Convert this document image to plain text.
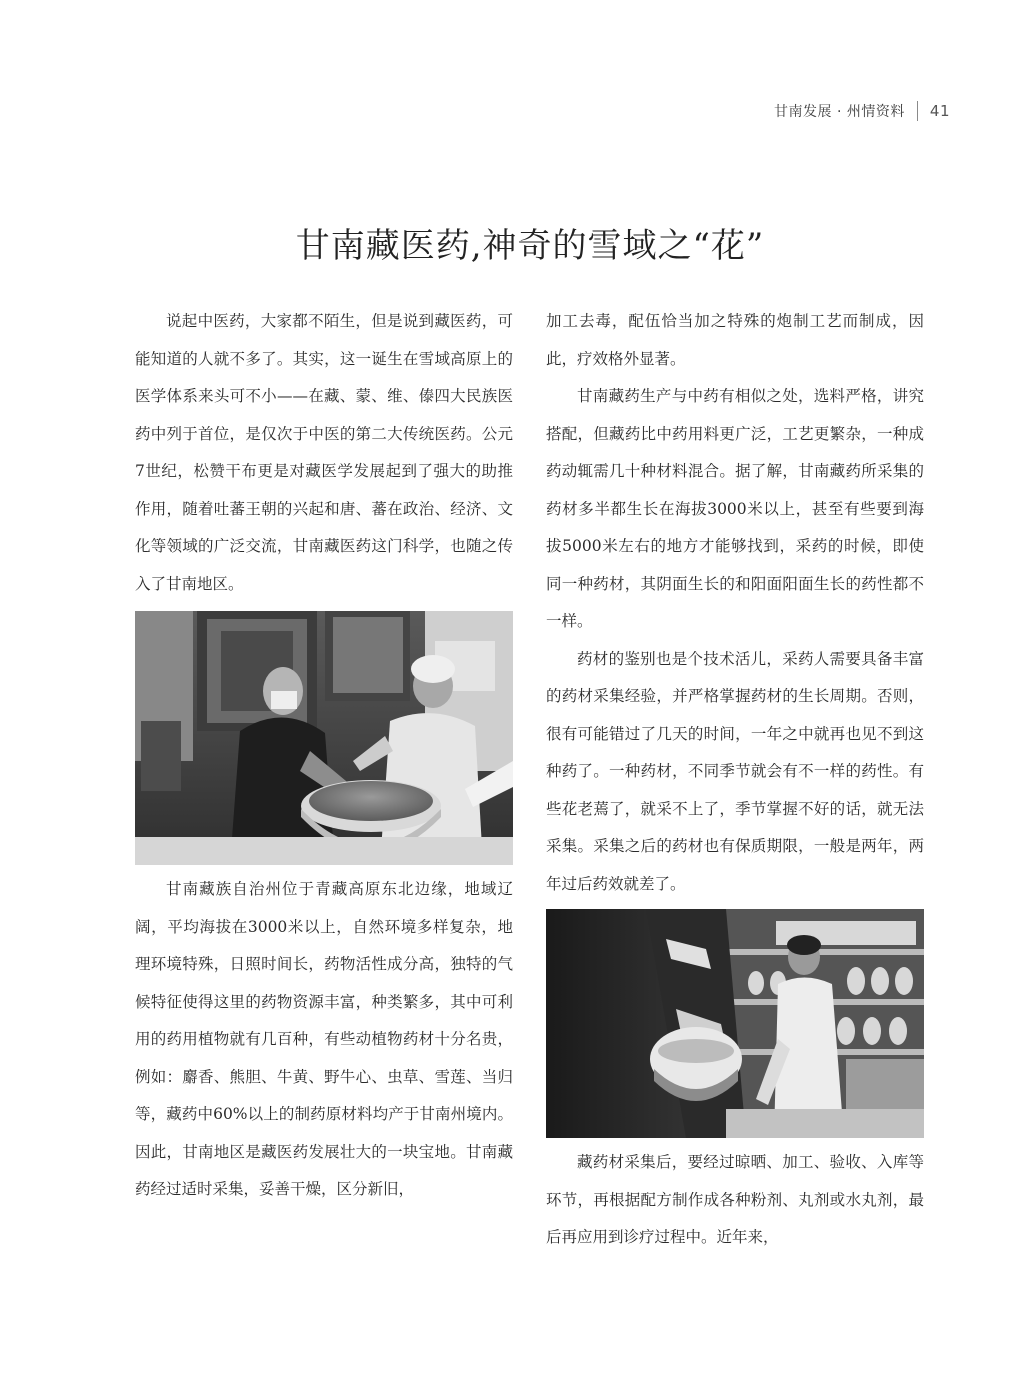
甘南发展 · 州情资料 41
甘南藏医药,神奇的雪域之“花”

说起中医药，大家都不陌生，但是说到藏医药，可能知道的人就不多了。其实，这一诞生在雪域高原上的医学体系来头可不小——在藏、蒙、维、傣四大民族医药中列于首位，是仅次于中医的第二大传统医药。公元7世纪，松赞干布更是对藏医学发展起到了强大的助推作用，随着吐蕃王朝的兴起和唐、蕃在政治、经济、文化等领域的广泛交流，甘南藏医药这门科学，也随之传入了甘南地区。

甘南藏族自治州位于青藏高原东北边缘，地域辽阔，平均海拔在3000米以上，自然环境多样复杂，地理环境特殊，日照时间长，药物活性成分高，独特的气候特征使得这里的药物资源丰富，种类繁多，其中可利用的药用植物就有几百种，有些动植物药材十分名贵，例如：麝香、熊胆、牛黄、野牛心、虫草、雪莲、当归等，藏药中60%以上的制药原材料均产于甘南州境内。因此，甘南地区是藏医药发展壮大的一块宝地。甘南藏药经过适时采集，妥善干燥，区分新旧，

加工去毒，配伍恰当加之特殊的炮制工艺而制成，因此，疗效格外显著。

甘南藏药生产与中药有相似之处，选料严格，讲究搭配，但藏药比中药用料更广泛，工艺更繁杂，一种成药动辄需几十种材料混合。据了解，甘南藏药所采集的药材多半都生长在海拔3000米以上，甚至有些要到海拔5000米左右的地方才能够找到，采药的时候，即使同一种药材，其阴面生长的和阳面阳面生长的药性都不一样。

药材的鉴别也是个技术活儿，采药人需要具备丰富的药材采集经验，并严格掌握药材的生长周期。否则，很有可能错过了几天的时间，一年之中就再也见不到这种药了。一种药材，不同季节就会有不一样的药性。有些花老蔫了，就采不上了，季节掌握不好的话，就无法采集。采集之后的药材也有保质期限，一般是两年，两年过后药效就差了。

藏药材采集后，要经过晾晒、加工、验收、入库等环节，再根据配方制作成各种粉剂、丸剂或水丸剂，最后再应用到诊疗过程中。近年来，
